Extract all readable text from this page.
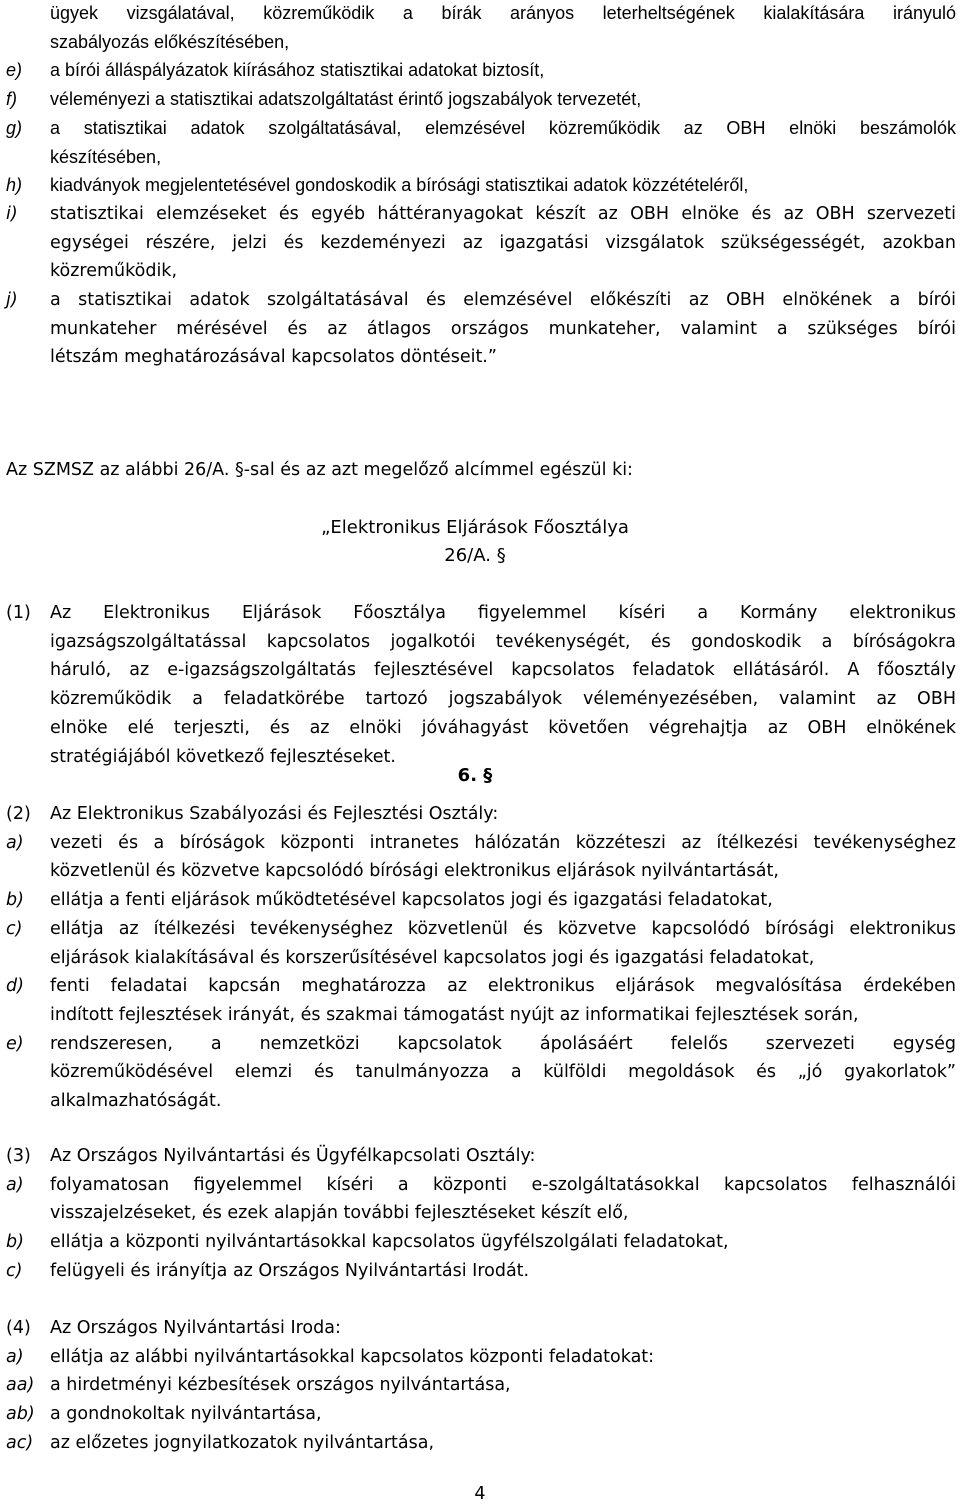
ügyek vizsgálatával, közreműködik a bírák arányos leterheltségének kialakítására irányuló
szabályozás előkészítésében,
e) a bírói álláspályázatok kiírásához statisztikai adatokat biztosít,
f) véleményezi a statisztikai adatszolgáltatást érintő jogszabályok tervezetét,
g) a statisztikai adatok szolgáltatásával, elemzésével közreműködik az OBH elnöki beszámolók
készítésében,
h) kiadványok megjelentetésével gondoskodik a bírósági statisztikai adatok közzétételéről,
i) statisztikai elemzéseket és egyéb háttéranyagokat készít az OBH elnöke és az OBH szervezeti
egységei részére, jelzi és kezdeményezi az igazgatási vizsgálatok szükségességét, azokban
közreműködik,
j) a statisztikai adatok szolgáltatásával és elemzésével előkészíti az OBH elnökének a bírói
munkateher mérésével és az átlagos országos munkateher, valamint a szükséges bírói
létszám meghatározásával kapcsolatos döntéseit.”
6. §
Az SZMSZ az alábbi 26/A. §-sal és az azt megelőző alcímmel egészül ki:
„Elektronikus Eljárások Főosztálya
26/A. §
(1) Az Elektronikus Eljárások Főosztálya figyelemmel kíséri a Kormány elektronikus
igazságszolgáltatással kapcsolatos jogalkotói tevékenységét, és gondoskodik a bíróságokra
háruló, az e-igazságszolgáltatás fejlesztésével kapcsolatos feladatok ellátásáról. A főosztály
közreműködik a feladatkörébe tartozó jogszabályok véleményezésében, valamint az OBH
elnöke elé terjeszti, és az elnöki jóváhagyást követően végrehajtja az OBH elnökének
stratégiájából következő fejlesztéseket.
(2) Az Elektronikus Szabályozási és Fejlesztési Osztály:
a) vezeti és a bíróságok központi intranetes hálózatán közzéteszi az ítélkezési tevékenységhez
közvetlenül és közvetve kapcsolódó bírósági elektronikus eljárások nyilvántartását,
b) ellátja a fenti eljárások működtetésével kapcsolatos jogi és igazgatási feladatokat,
c) ellátja az ítélkezési tevékenységhez közvetlenül és közvetve kapcsolódó bírósági elektronikus
eljárások kialakításával és korszerűsítésével kapcsolatos jogi és igazgatási feladatokat,
d) fenti feladatai kapcsán meghatározza az elektronikus eljárások megvalósítása érdekében
indított fejlesztések irányát, és szakmai támogatást nyújt az informatikai fejlesztések során,
e) rendszeresen, a nemzetközi kapcsolatok ápolásáért felelős szervezeti egység
közreműködésével elemzi és tanulmányozza a külföldi megoldások és „jó gyakorlatok”
alkalmazhatóságát.
(3) Az Országos Nyilvántartási és Ügyfélkapcsolati Osztály:
a) folyamatosan figyelemmel kíséri a központi e-szolgáltatásokkal kapcsolatos felhasználói
visszajelzéseket, és ezek alapján további fejlesztéseket készít elő,
b) ellátja a központi nyilvántartásokkal kapcsolatos ügyfélszolgálati feladatokat,
c) felügyeli és irányítja az Országos Nyilvántartási Irodát.
(4) Az Országos Nyilvántartási Iroda:
a) ellátja az alábbi nyilvántartásokkal kapcsolatos központi feladatokat:
aa) a hirdetményi kézbesítések országos nyilvántartása,
ab) a gondnokoltak nyilvántartása,
ac) az előzetes jognyilatkozatok nyilvántartása,
4
